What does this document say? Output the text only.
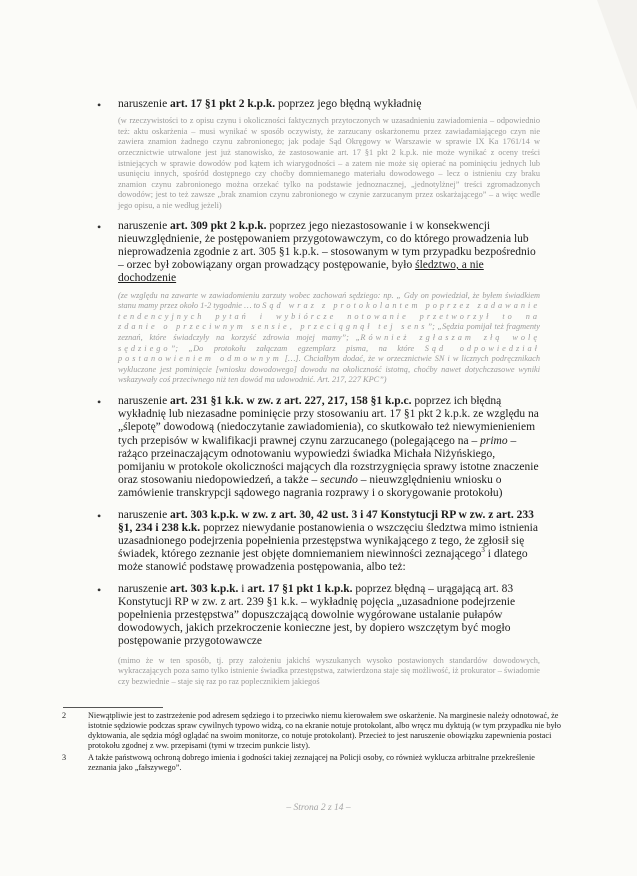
• naruszenie art. 17 §1 pkt 2 k.p.k. poprzez jego błędną wykładnię

(w rzeczywistości to z opisu czynu i okoliczności faktycznych przytoczonych w uzasadnieniu zawiadomienia – odpowiednio też: aktu oskarżenia – musi wynikać w sposób oczywisty, że zarzucany oskarżonemu przez zawiadamiającego czyn nie zawiera znamion żadnego czynu zabronionego; jak podaje Sąd Okręgowy w Warszawie w sprawie IX Ka 1761/14 w orzecznictwie utrwalone jest już stanowisko, że zastosowanie art. 17 §1 pkt 2 k.p.k. nie może wynikać z oceny treści istniejących w sprawie dowodów pod kątem ich wiarygodności – a zatem nie może się opierać na pominięciu jednych lub usunięciu innych, spośród dostępnego czy choćby domniemanego materiału dowodowego – lecz o istnieniu czy braku znamion czynu zabronionego można orzekać tylko na podstawie jednoznacznej, „jednotylżnej” treści zgromadzonych dowodów; jest to też zawsze „brak znamion czynu zabronionego w czynie zarzucanym przez oskarżającego” – a więc wedle jego opisu, a nie według jeżeli)

• naruszenie art. 309 pkt 2 k.p.k. poprzez jego niezastosowanie i w konsekwencji nieuwzględnienie, że postępowaniem przygotowawczym, co do którego prowadzenia lub nieprowadzenia zgodnie z art. 305 §1 k.p.k. – stosowanym w tym przypadku bezpośrednio – orzec był zobowiązany organ prowadzący postępowanie, było śledztwo, a nie dochodzenie

(ze względu na zawarte w zawiadomieniu zarzuty wobec zachowań sędziego: np. „ Gdy on powiedział, że byłem świadkiem stanu mamy przez około 1-2 tygodnie … to Sąd wraz z protokolantem poprzez zadawanie tendencyjnych pytań i wybiórcze notowanie przetworzył to na zdanie o przeciwnym sensie, przeciągnął tej sens”; „Sędzia pomijał też fragmenty zeznań, które świadczyły na korzyść zdrowia mojej mamy”; „Również zgłaszam złą wolę sędziego”; „Do protokołu załączam egzemplarz pisma, na które Sąd odpowiedział postanowieniem odmownym […]. Chciałbym dodać, że w orzecznictwie SN i w licznych podręcznikach wykluczone jest pominięcie [wniosku dowodowego] dowodu na okoliczność istotną, choćby nawet dotychczasowe wyniki wskazywały coś przeciwnego niż ten dowód ma udowodnić. Art. 217, 227 KPC”)

• naruszenie art. 231 §1 k.k. w zw. z art. 227, 217, 158 §1 k.p.c. poprzez ich błędną wykładnię lub niezasadne pominięcie przy stosowaniu art. 17 §1 pkt 2 k.p.k. ze względu na „ślepotę” dowodową (niedoczytanie zawiadomienia), co skutkowało też niewymienieniem tych przepisów w kwalifikacji prawnej czynu zarzucanego (polegającego na – primo – rażąco przeinaczającym odnotowaniu wypowiedzi świadka Michała Niżyńskiego, pomijaniu w protokole okoliczności mających dla rozstrzygnięcia sprawy istotne znaczenie oraz stosowaniu niedopowiedzeń, a także – secundo – nieuwzględnieniu wniosku o zamówienie transkrypcji sądowego nagrania rozprawy i o skorygowanie protokołu)

• naruszenie art. 303 k.p.k. w zw. z art. 30, 42 ust. 3 i 47 Konstytucji RP w zw. z art. 233 §1, 234 i 238 k.k. poprzez niewydanie postanowienia o wszczęciu śledztwa mimo istnienia uzasadnionego podejrzenia popełnienia przestępstwa wynikającego z tego, że zgłosił się świadek, którego zeznanie jest objęte domniemaniem niewinności zeznającego$^3$ i dlatego może stanowić podstawę prowadzenia postępowania, albo też:

• naruszenie art. 303 k.p.k. i art. 17 §1 pkt 1 k.p.k. poprzez błędną – urągającą art. 83 Konstytucji RP w zw. z art. 239 §1 k.k. – wykładnię pojęcia „uzasadnione podejrzenie popełnienia przestępstwa” dopuszczającą dowolnie wygórowane ustalanie pułapów dowodowych, jakich przekroczenie konieczne jest, by dopiero wszczętym być mogło postępowanie przygotowawcze

(mimo że w ten sposób, tj. przy założeniu jakichś wyszukanych wysoko postawionych standardów dowodowych, wykraczających poza samo tylko istnienie świadka przestępstwa, zatwierdzona staje się możliwość, iż prokurator – świadomie czy bezwiednie – staje się raz po raz poplecznikiem jakiegoś

2	Niewątpliwie jest to zastrzeżenie pod adresem sędziego i to przeciwko niemu kierowałem swe oskarżenie. Na marginesie należy odnotować, że istotnie sędziowie podczas spraw cywilnych typowo widzą, co na ekranie notuje protokolant, albo wręcz mu dyktują (w tym przypadku nie było dyktowania, ale sędzia mógł oglądać na swoim monitorze, co notuje protokolant). Przecież to jest naruszenie obowiązku zapewnienia postaci protokołu zgodnej z ww. przepisami (tymi w trzecim punkcie listy).

3	A także państwową ochroną dobrego imienia i godności takiej zeznającej na Policji osoby, co również wyklucza arbitralne przekreślenie zeznania jako „fałszywego”.

– Strona 2 z 14 –
